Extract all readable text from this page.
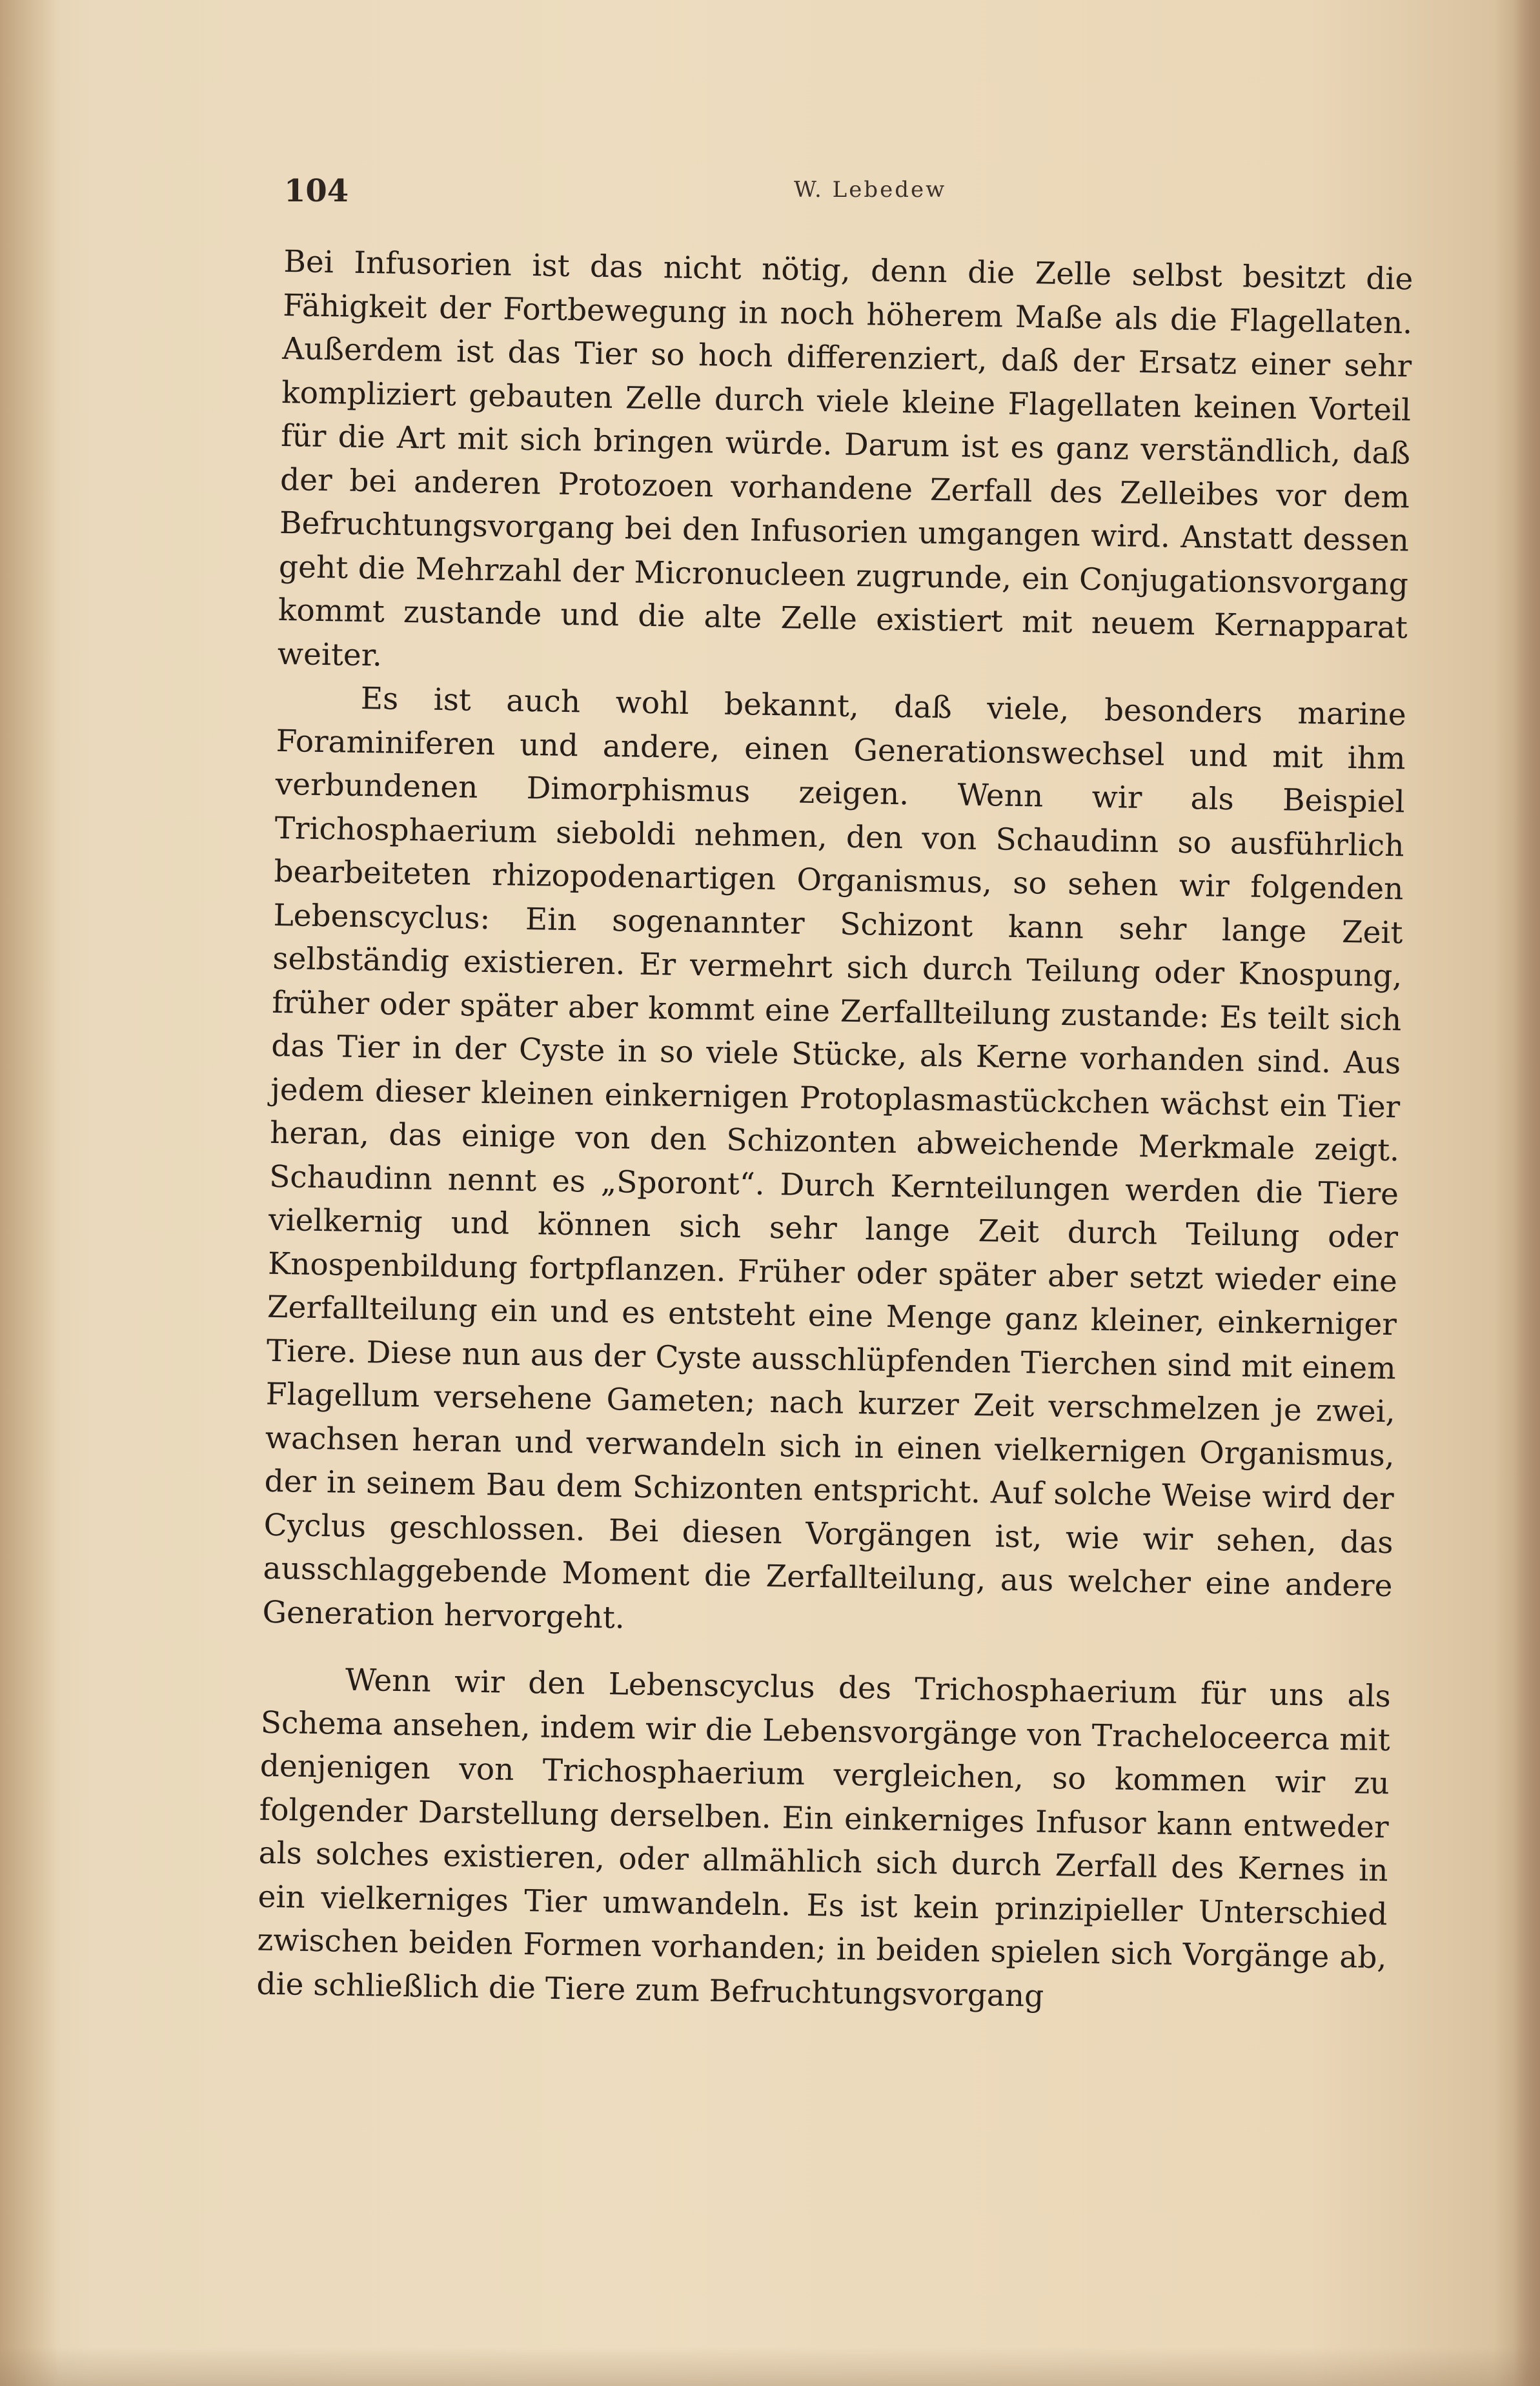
104	W. Lebedew

Bei Infusorien ist das nicht nötig, denn die Zelle selbst besitzt die Fähigkeit der Fortbewegung in noch höherem Maße als die Flagellaten. Außerdem ist das Tier so hoch differenziert, daß der Ersatz einer sehr kompliziert gebauten Zelle durch viele kleine Flagellaten keinen Vorteil für die Art mit sich bringen würde. Darum ist es ganz verständlich, daß der bei anderen Protozoen vorhandene Zerfall des Zelleibes vor dem Befruchtungsvorgang bei den Infusorien umgangen wird. Anstatt dessen geht die Mehrzahl der Micronucleen zugrunde, ein Conjugationsvorgang kommt zustande und die alte Zelle existiert mit neuem Kernapparat weiter.

Es ist auch wohl bekannt, daß viele, besonders marine Foraminiferen und andere, einen Generationswechsel und mit ihm verbundenen Dimorphismus zeigen. Wenn wir als Beispiel Trichosphaerium sieboldi nehmen, den von Schaudinn so ausführlich bearbeiteten rhizopodenartigen Organismus, so sehen wir folgenden Lebenscyclus: Ein sogenannter Schizont kann sehr lange Zeit selbständig existieren. Er vermehrt sich durch Teilung oder Knospung, früher oder später aber kommt eine Zerfallteilung zustande: Es teilt sich das Tier in der Cyste in so viele Stücke, als Kerne vorhanden sind. Aus jedem dieser kleinen einkernigen Protoplasmastückchen wächst ein Tier heran, das einige von den Schizonten abweichende Merkmale zeigt. Schaudinn nennt es „Sporont“. Durch Kernteilungen werden die Tiere vielkernig und können sich sehr lange Zeit durch Teilung oder Knospenbildung fortpflanzen. Früher oder später aber setzt wieder eine Zerfallteilung ein und es entsteht eine Menge ganz kleiner, einkerniger Tiere. Diese nun aus der Cyste ausschlüpfenden Tierchen sind mit einem Flagellum versehene Gameten; nach kurzer Zeit verschmelzen je zwei, wachsen heran und verwandeln sich in einen vielkernigen Organismus, der in seinem Bau dem Schizonten entspricht. Auf solche Weise wird der Cyclus geschlossen. Bei diesen Vorgängen ist, wie wir sehen, das ausschlaggebende Moment die Zerfallteilung, aus welcher eine andere Generation hervorgeht.

Wenn wir den Lebenscyclus des Trichosphaerium für uns als Schema ansehen, indem wir die Lebensvorgänge von Tracheloceerca mit denjenigen von Trichosphaerium vergleichen, so kommen wir zu folgender Darstellung derselben. Ein einkerniges Infusor kann entweder als solches existieren, oder allmählich sich durch Zerfall des Kernes in ein vielkerniges Tier umwandeln. Es ist kein prinzipieller Unterschied zwischen beiden Formen vorhanden; in beiden spielen sich Vorgänge ab, die schließlich die Tiere zum Befruchtungsvorgang
